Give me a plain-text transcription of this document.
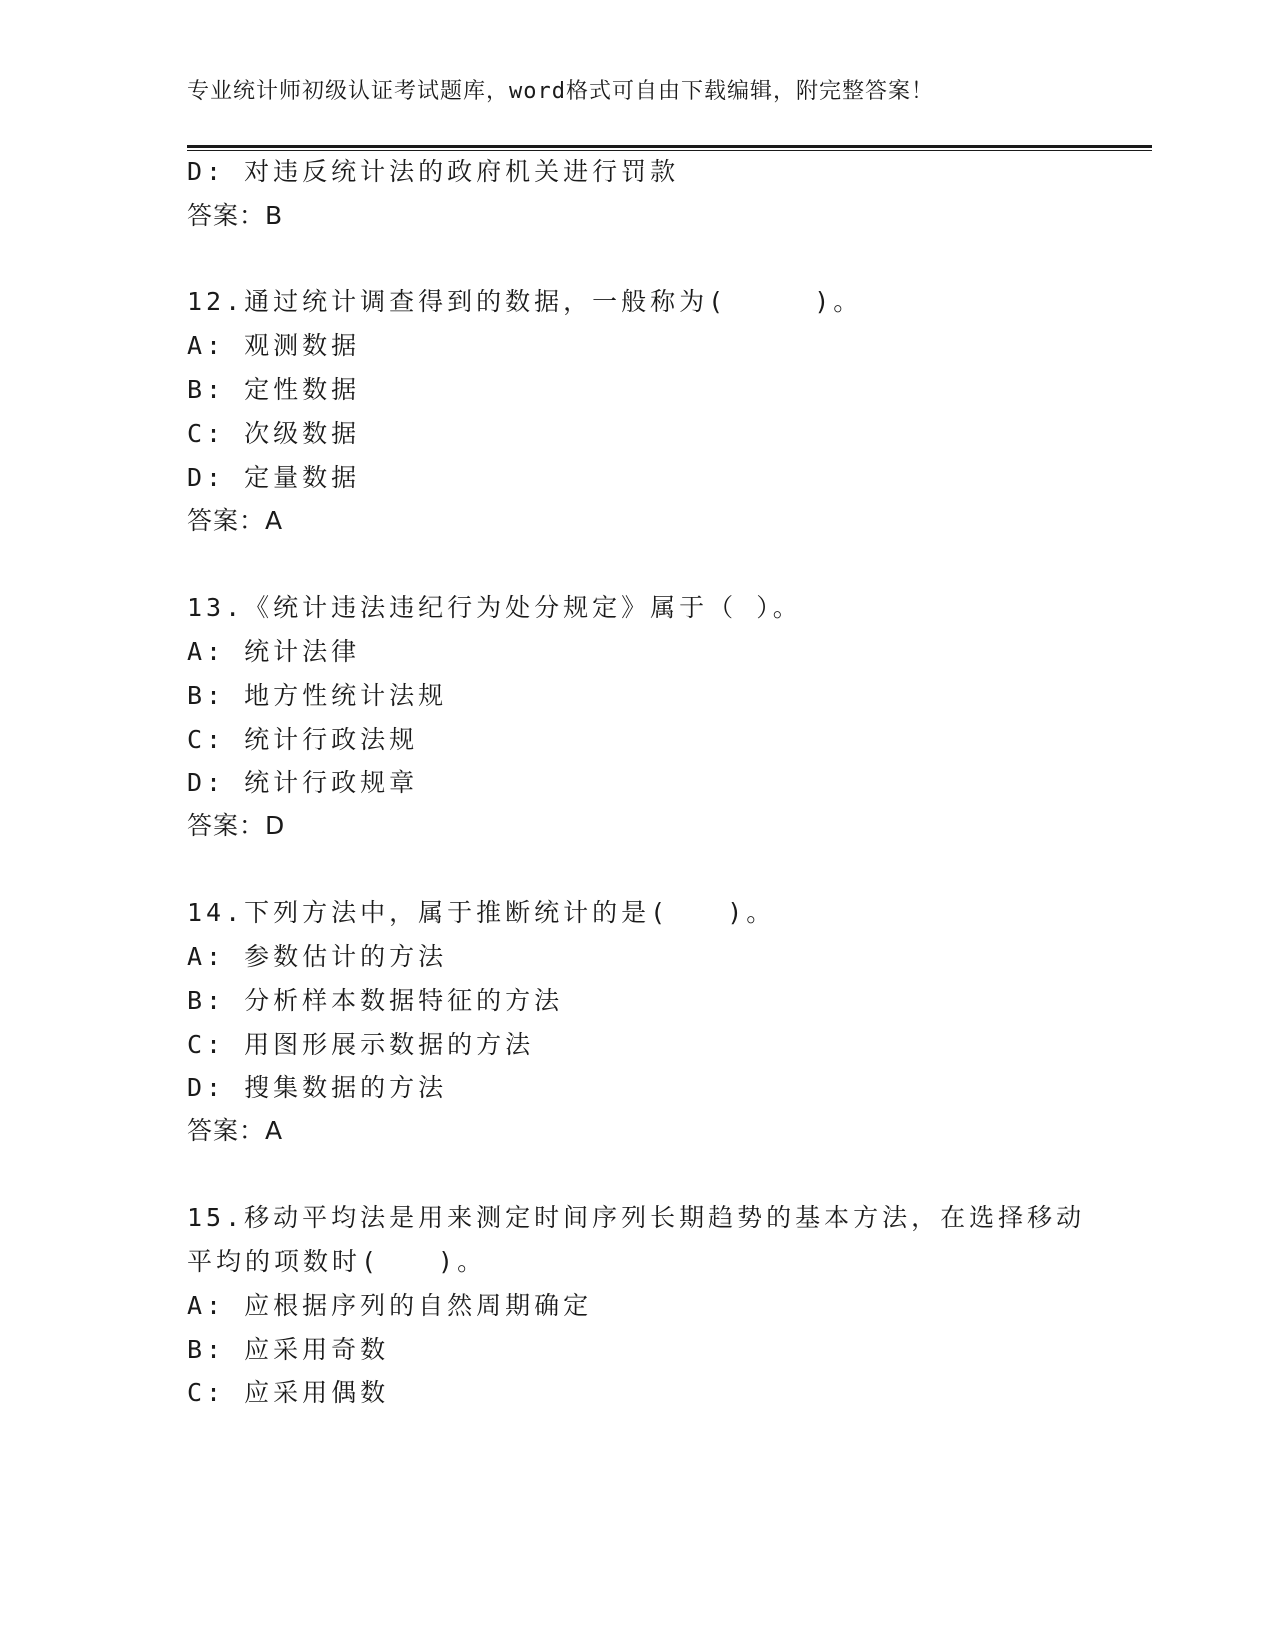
专业统计师初级认证考试题库，word格式可自由下载编辑，附完整答案！
D: 对违反统计法的政府机关进行罚款
答案：B
12.通过统计调查得到的数据，一般称为(　　　)。
A: 观测数据
B: 定性数据
C: 次级数据
D: 定量数据
答案：A
13.《统计违法违纪行为处分规定》属于（ ）。
A: 统计法律
B: 地方性统计法规
C: 统计行政法规
D: 统计行政规章
答案：D
14.下列方法中，属于推断统计的是(　　)。
A: 参数估计的方法
B: 分析样本数据特征的方法
C: 用图形展示数据的方法
D: 搜集数据的方法
答案：A
15.移动平均法是用来测定时间序列长期趋势的基本方法，在选择移动
平均的项数时(　　)。
A: 应根据序列的自然周期确定
B: 应采用奇数
C: 应采用偶数
